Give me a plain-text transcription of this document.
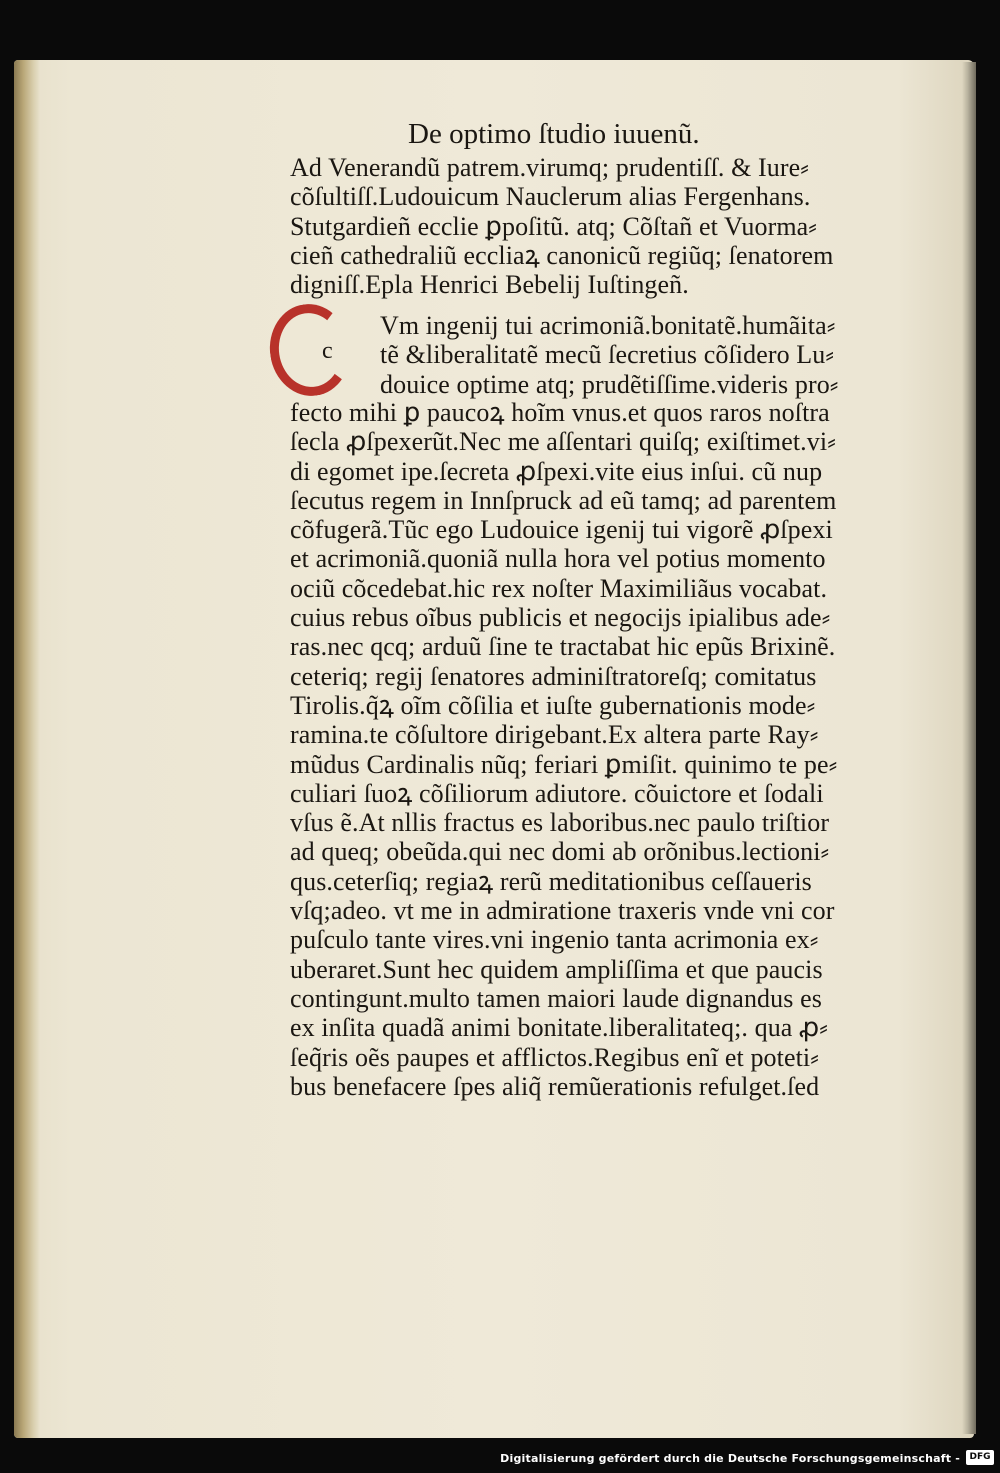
De optimo ſtudio iuuenũ.
Ad Venerandũ patrem.virumq; prudentiſſ. & Iure⸗
cõſultiſſ.Ludouicum Nauclerum alias Fergenhans.
Stutgardieñ ecclie ꝑpoſitũ. atq; Cõſtañ et Vuorma⸗
cieñ cathedraliũ eccliaꝝ canonicũ regiũq; ſenatorem
digniſſ.Epla Henrici Bebelij Iuſtingeñ.
c
Vm ingenij tui acrimoniã.bonitatẽ.humãita⸗
tẽ &liberalitatẽ mecũ ſecretius cõſidero Lu⸗
douice optime atq; prudẽtiſſime.videris pro⸗
fecto mihi ꝑ paucoꝝ hoĩm vnus.et quos raros noſtra
ſecla ꝓſpexerũt.Nec me aſſentari quiſq; exiſtimet.vi⸗
di egomet ipe.ſecreta ꝓſpexi.vite eius inſui. cũ nup
ſecutus regem in Innſpruck ad eũ tamq; ad parentem
cõfugerã.Tũc ego Ludouice igenij tui vigorẽ ꝓſpexi
et acrimoniã.quoniã nulla hora vel potius momento
ociũ cõcedebat.hic rex noſter Maximiliãus vocabat.
cuius rebus oĩbus publicis et negocijs ipialibus ade⸗
ras.nec qcq; arduũ ſine te tractabat hic epũs Brixinẽ.
ceteriq; regij ſenatores adminiſtratoreſq; comitatus
Tirolis.q̃ꝝ oĩm cõſilia et iuſte gubernationis mode⸗
ramina.te cõſultore dirigebant.Ex altera parte Ray⸗
mũdus Cardinalis nũq; feriari ꝑmiſit. quinimo te pe⸗
culiari ſuoꝝ cõſiliorum adiutore. cõuictore et ſodali
vſus ẽ.At nllis fractus es laboribus.nec paulo triſtior
ad queq; obeũda.qui nec domi ab orõnibus.lectioni⸗
qus.ceterſiq; regiaꝝ rerũ meditationibus ceſſaueris
vſq;adeo. vt me in admiratione traxeris vnde vni cor
puſculo tante vires.vni ingenio tanta acrimonia ex⸗
uberaret.Sunt hec quidem ampliſſima et que paucis
contingunt.multo tamen maiori laude dignandus es
ex inſita quadã animi bonitate.liberalitateq;. qua ꝓ⸗
ſeq̃ris oẽs paupes et afflictos.Regibus enĩ et poteti⸗
bus benefacere ſpes aliq̃ remũerationis refulget.ſed
Digitalisierung gefördert durch die Deutsche Forschungsgemeinschaft -	DFG
